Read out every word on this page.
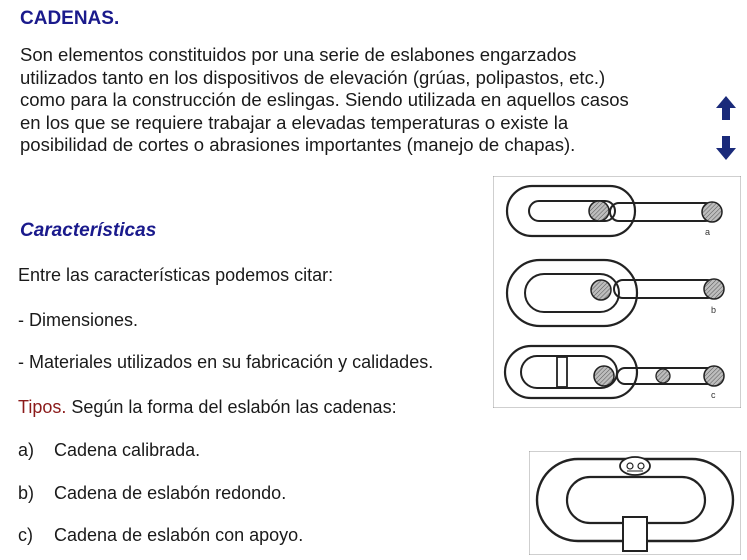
CADENAS.
Son elementos constituidos por una serie de eslabones engarzados
utilizados tanto en los dispositivos de elevación (grúas, polipastos, etc.)
como para la construcción de eslingas. Siendo utilizada en aquellos casos
en los que se requiere trabajar a elevadas temperaturas o existe la
posibilidad de cortes o abrasiones importantes (manejo de chapas).
Características
Entre las características podemos citar:
- Dimensiones.
- Materiales utilizados en su fabricación y calidades.
Tipos. Según la forma del eslabón las cadenas:
a) Cadena calibrada.
b) Cadena de eslabón redondo.
c) Cadena de eslabón con apoyo.
a
b
c
